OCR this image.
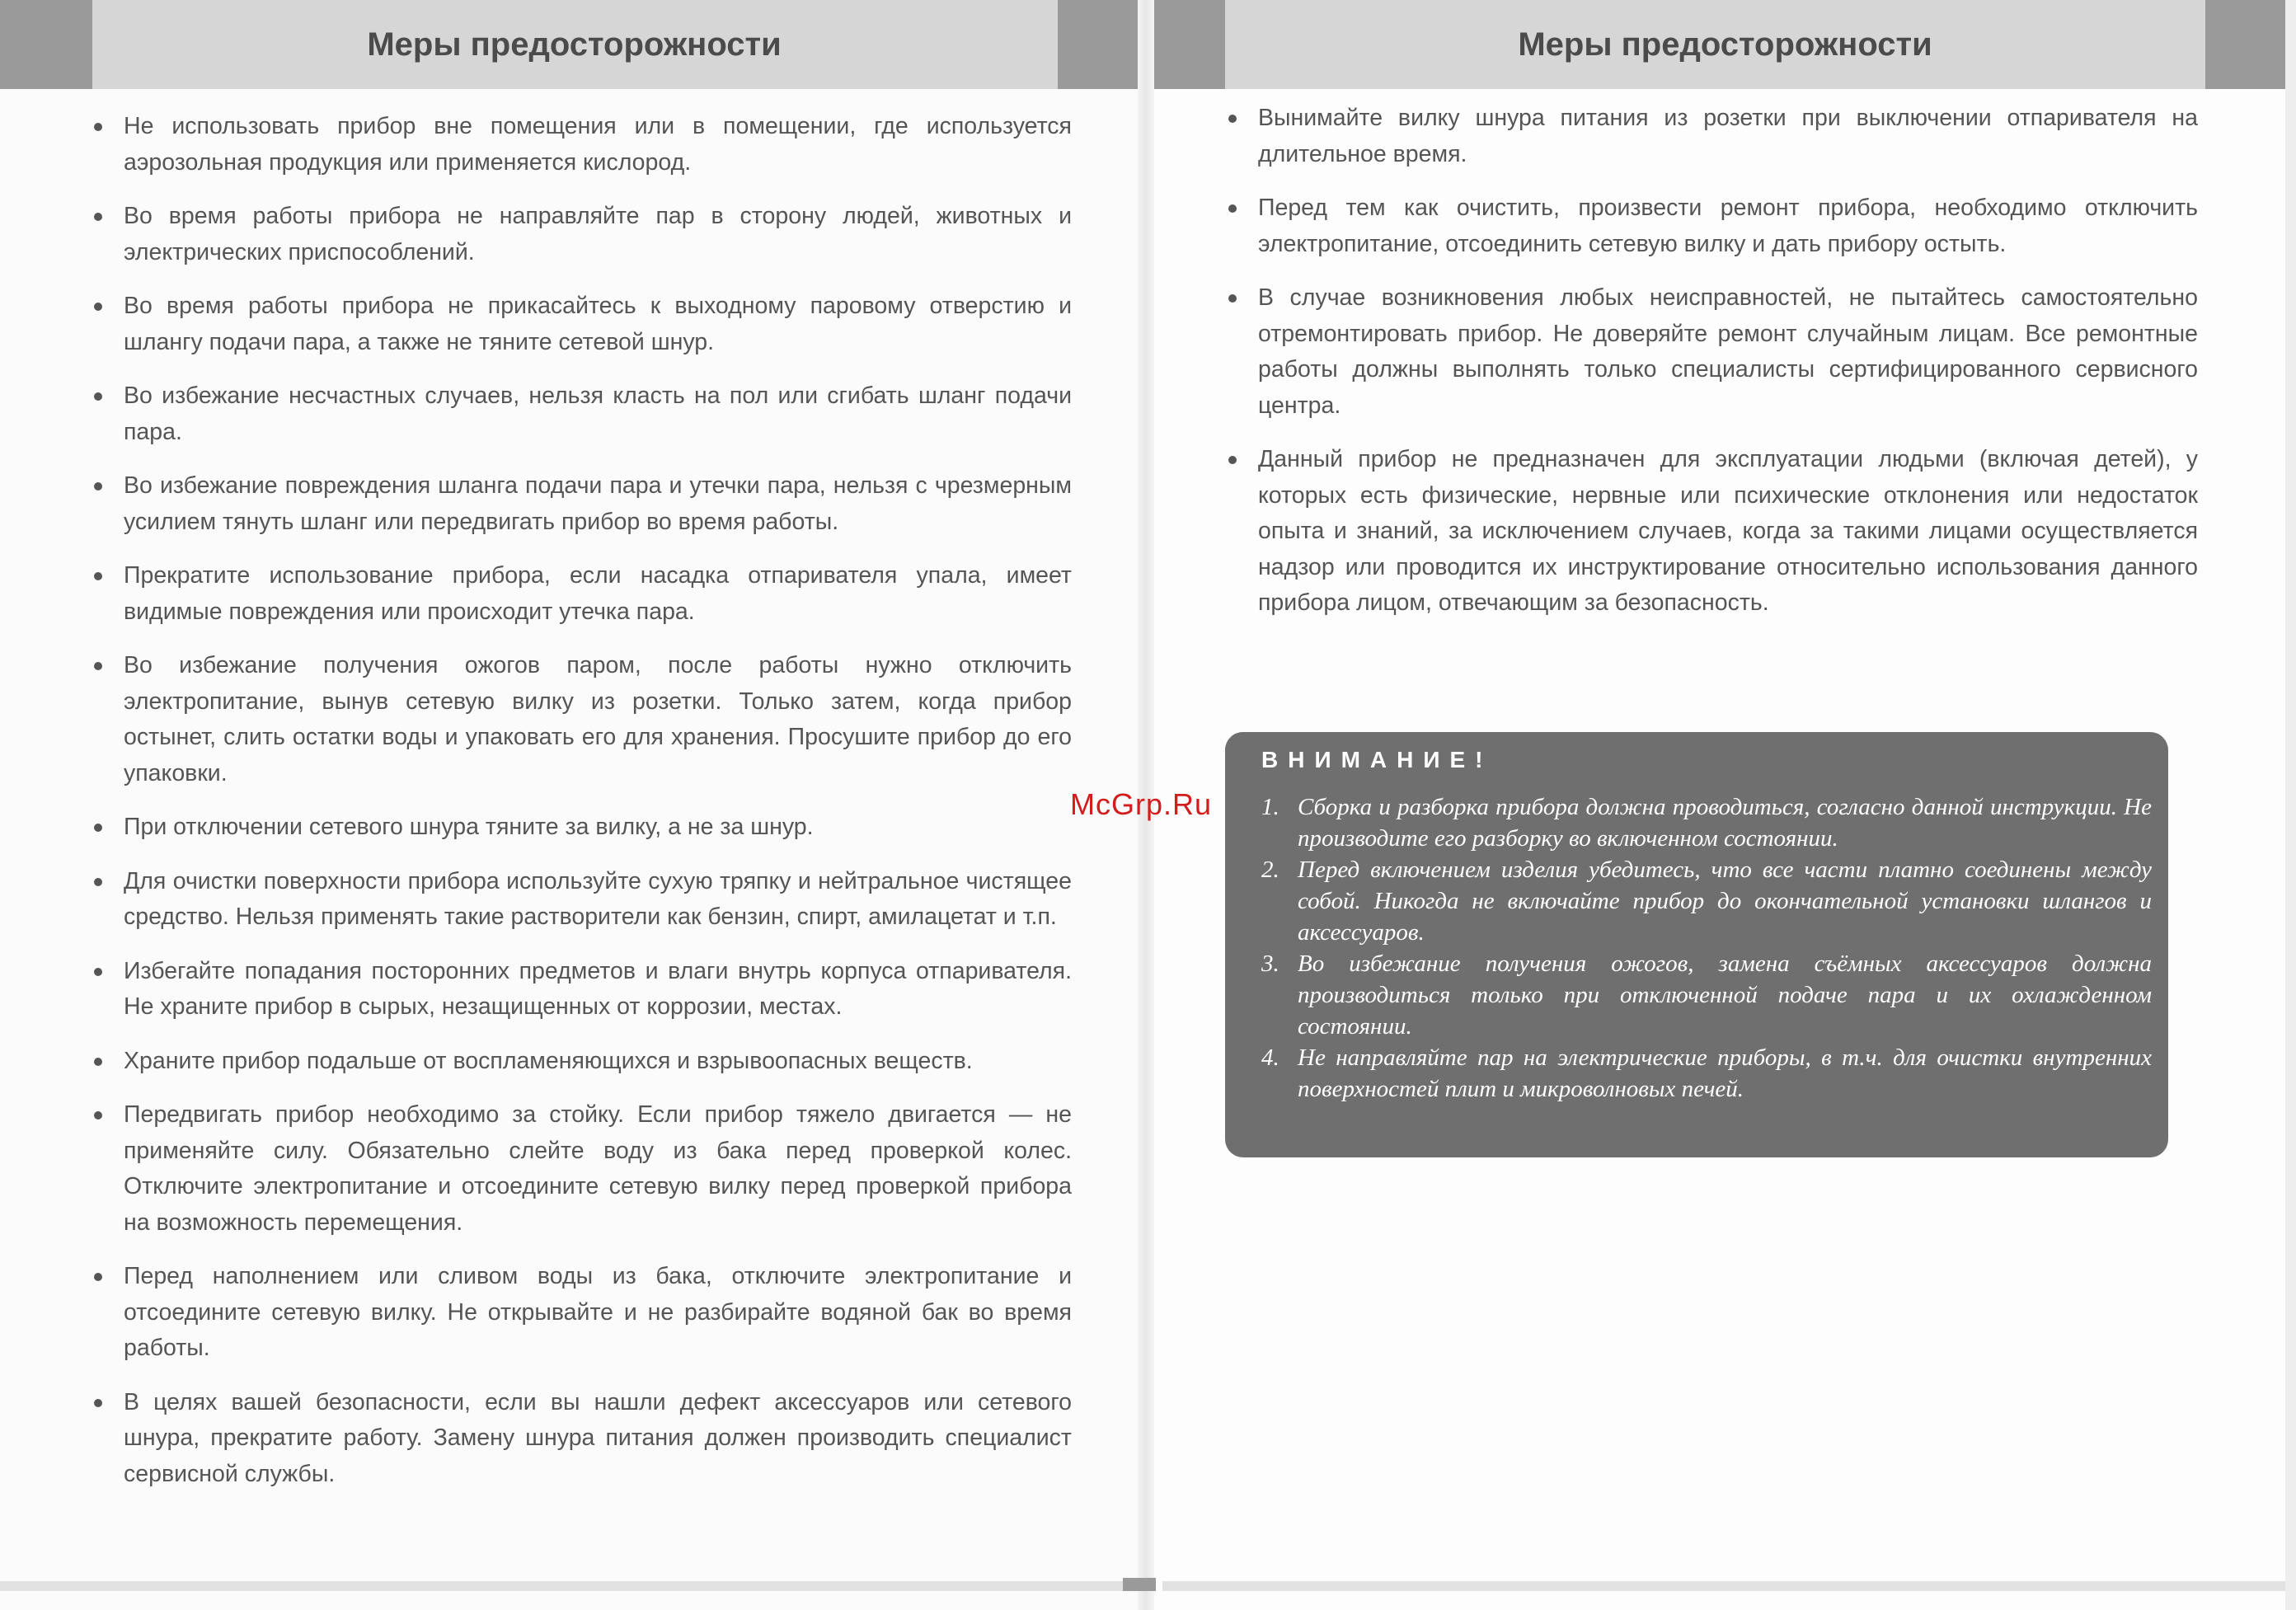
Меры предосторожности
Не использовать прибор вне помещения или в помещении, где используется аэрозольная продукция или применяется кислород.
Во время работы прибора не направляйте пар в сторону людей, животных и электрических приспособлений.
Во время работы прибора не прикасайтесь к выходному паровому отверстию и шлангу подачи пара, а также не тяните сетевой шнур.
Во избежание несчастных случаев, нельзя класть на пол или сгибать шланг подачи пара.
Во избежание повреждения шланга подачи пара и утечки пара, нельзя с чрезмерным усилием тянуть шланг или передвигать прибор во время работы.
Прекратите использование прибора, если насадка отпаривателя упала, имеет видимые повреждения или происходит утечка пара.
Во избежание получения ожогов паром, после работы нужно отключить электропитание, вынув сетевую вилку из розетки. Только затем, когда прибор остынет, слить остатки воды и упаковать его для хранения. Просушите прибор до его упаковки.
При отключении сетевого шнура тяните за вилку, а не за шнур.
Для очистки поверхности прибора используйте сухую тряпку и нейтральное чистящее средство. Нельзя применять такие растворители как бензин, спирт, амилацетат и т.п.
Избегайте попадания посторонних предметов и влаги внутрь корпуса отпаривателя. Не храните прибор в сырых, незащищенных от коррозии, местах.
Храните прибор подальше от воспламеняющихся и взрывоопасных веществ.
Передвигать прибор необходимо за стойку. Если прибор тяжело двигается — не применяйте силу. Обязательно слейте воду из бака перед проверкой колес. Отключите электропитание и отсоедините сетевую вилку перед проверкой прибора на возможность перемещения.
Перед наполнением или сливом воды из бака, отключите электропитание и отсоедините сетевую вилку. Не открывайте и не разбирайте водяной бак во время работы.
В целях вашей безопасности, если вы нашли дефект аксессуаров или сетевого шнура, прекратите работу. Замену шнура питания должен производить специалист сервисной службы.
Меры предосторожности
Вынимайте вилку шнура питания из розетки при выключении отпаривателя на длительное время.
Перед тем как очистить, произвести ремонт прибора, необходимо отключить электропитание, отсоединить сетевую вилку и дать прибору остыть.
В случае возникновения любых неисправностей, не пытайтесь самостоятельно отремонтировать прибор. Не доверяйте ремонт случайным лицам. Все ремонтные работы должны выполнять только специалисты сертифицированного сервисного центра.
Данный прибор не предназначен для эксплуатации людьми (включая детей), у которых есть физические, нервные или психические отклонения или недостаток опыта и знаний, за исключением случаев, когда за такими лицами осуществляется надзор или проводится их инструктирование относительно использования данного прибора лицом, отвечающим за безопасность.
ВНИМАНИЕ!
1. Сборка и разборка прибора должна проводиться, согласно данной инструкции. Не производите его разборку во включенном состоянии.
2. Перед включением изделия убедитесь, что все части платно соединены между собой. Никогда не включайте прибор до окончательной установки шлангов и аксессуаров.
3. Во избежание получения ожогов, замена съёмных аксессуаров должна производиться только при отключенной подаче пара и их охлажденном состоянии.
4. Не направляйте пар на электрические приборы, в т.ч. для очистки внутренних поверхностей плит и микроволновых печей.
McGrp.Ru
